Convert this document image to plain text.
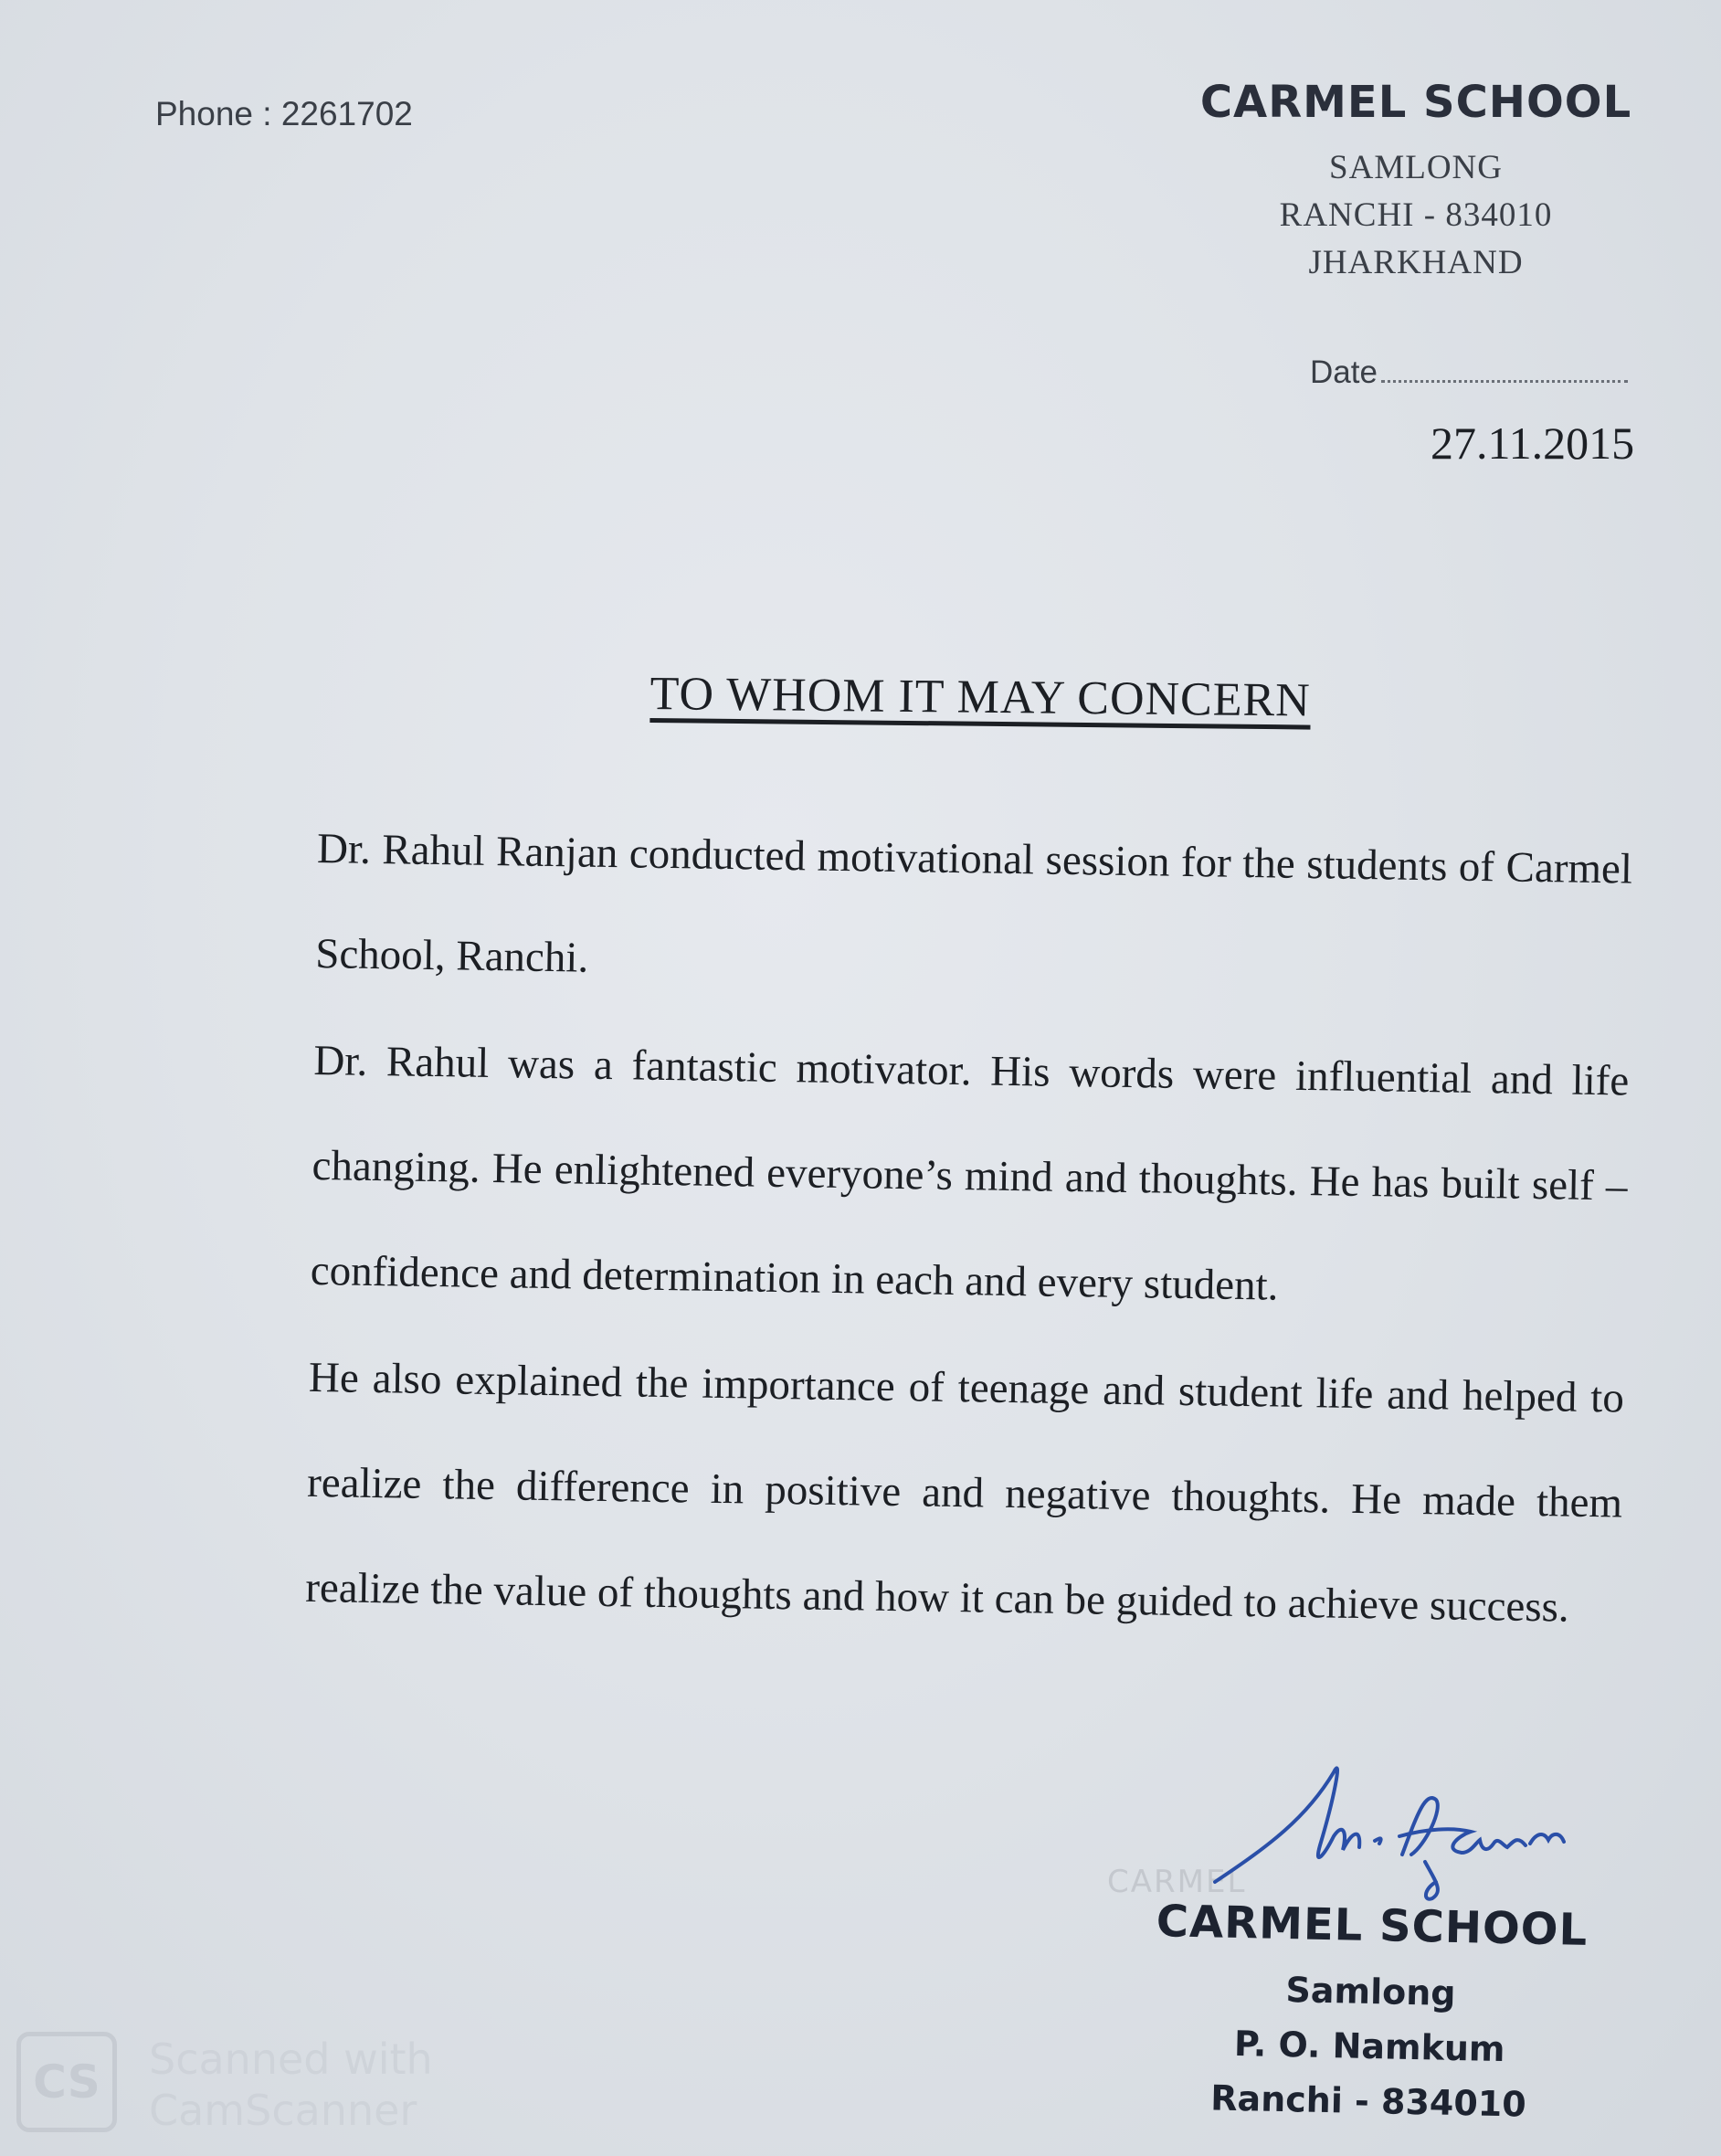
Phone : 2261702	CARMEL SCHOOL
SAMLONG
RANCHI - 834010
JHARKHAND
Date
27.11.2015
TO WHOM IT MAY CONCERN

Dr. Rahul Ranjan conducted motivational session for the students of Carmel School, Ranchi.

Dr. Rahul was a fantastic motivator. His words were influential and life changing. He enlightened everyone’s mind and thoughts. He has built self – confidence and determination in each and every student.

He also explained the importance of teenage and student life and helped to realize the difference in positive and negative thoughts. He made them realize the value of thoughts and how it can be guided to achieve success.

CARMEL
CARMEL SCHOOL
Samlong
P. O. Namkum
Ranchi - 834010
CS	Scanned with
CamScanner
